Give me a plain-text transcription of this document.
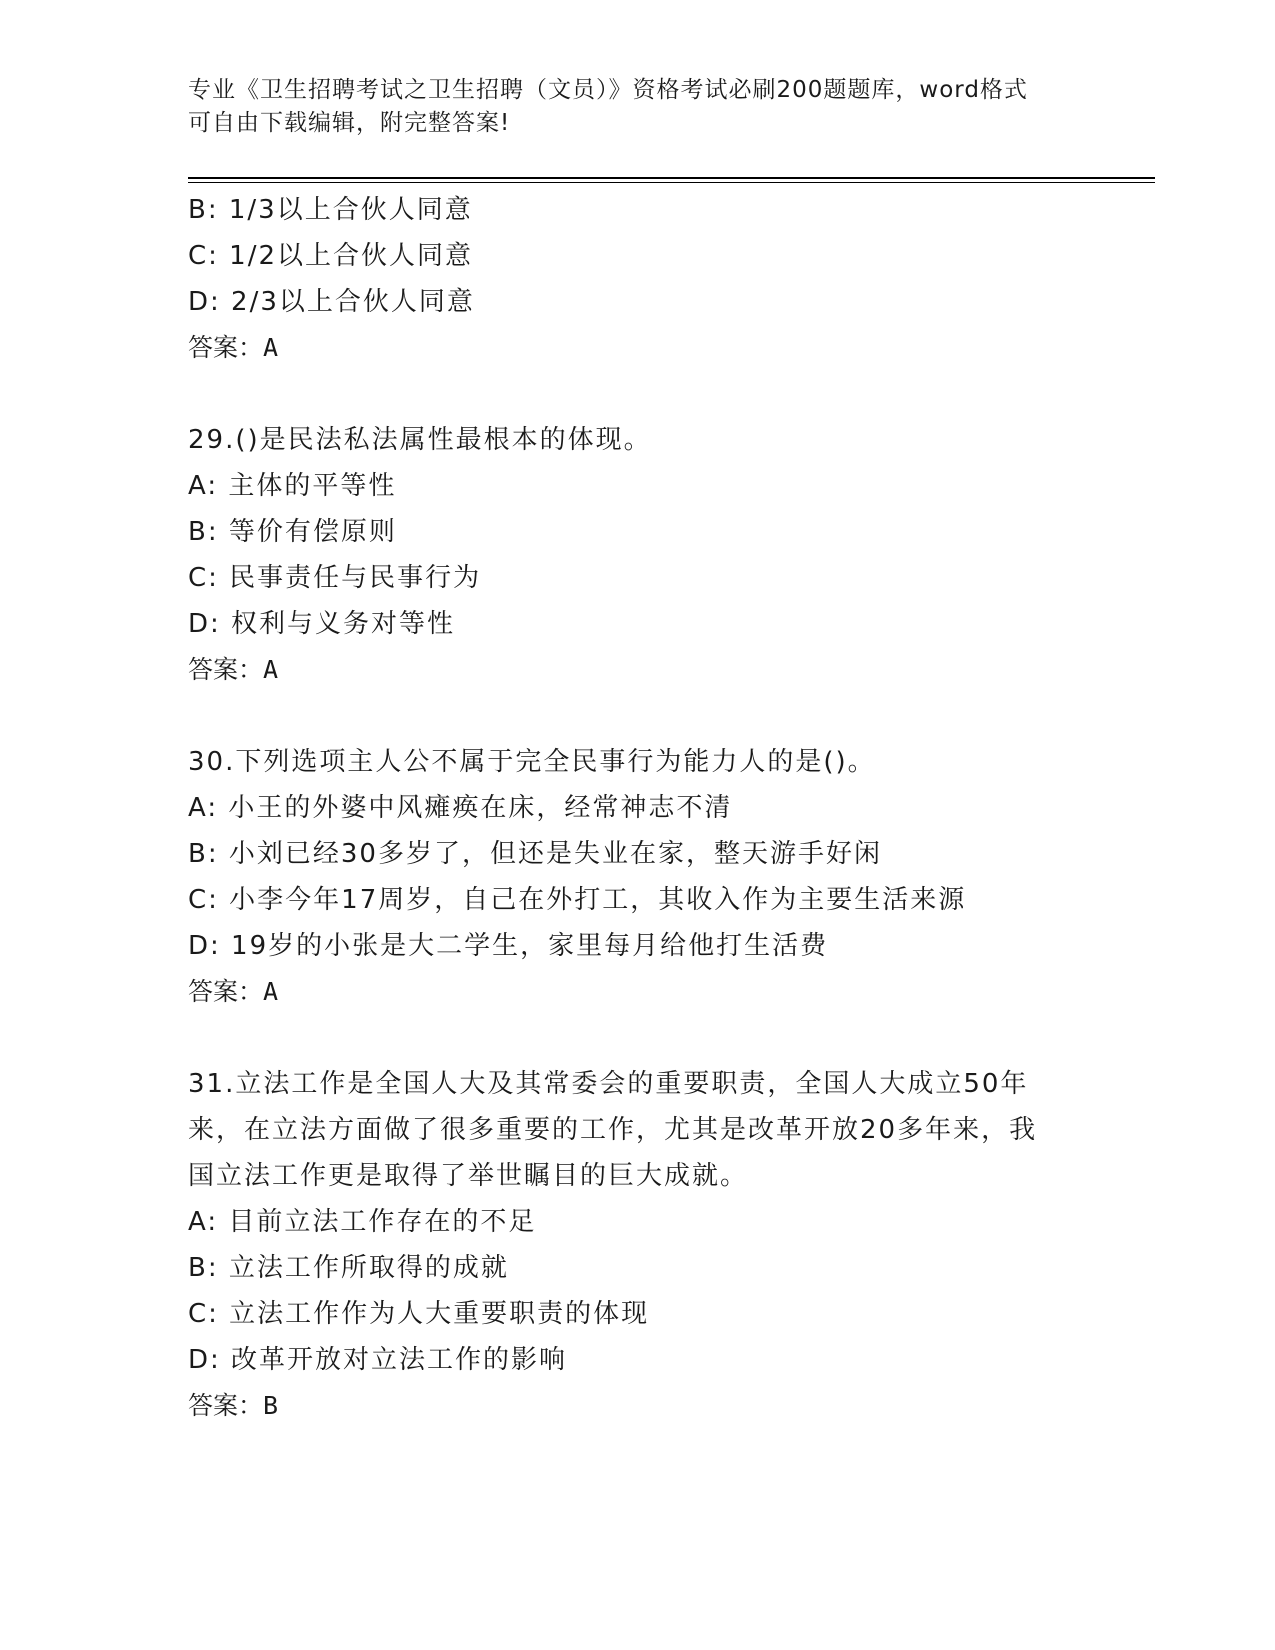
专业《卫生招聘考试之卫生招聘（文员）》资格考试必刷200题题库，word格式
可自由下载编辑，附完整答案!
B: 1/3以上合伙人同意
C: 1/2以上合伙人同意
D: 2/3以上合伙人同意
答案：A
29.()是民法私法属性最根本的体现。
A: 主体的平等性
B: 等价有偿原则
C: 民事责任与民事行为
D: 权利与义务对等性
答案：A
30.下列选项主人公不属于完全民事行为能力人的是()。
A: 小王的外婆中风瘫痪在床，经常神志不清
B: 小刘已经30多岁了，但还是失业在家，整天游手好闲
C: 小李今年17周岁，自己在外打工，其收入作为主要生活来源
D: 19岁的小张是大二学生，家里每月给他打生活费
答案：A
31.立法工作是全国人大及其常委会的重要职责，全国人大成立50年
来，在立法方面做了很多重要的工作，尤其是改革开放20多年来，我
国立法工作更是取得了举世瞩目的巨大成就。
A: 目前立法工作存在的不足
B: 立法工作所取得的成就
C: 立法工作作为人大重要职责的体现
D: 改革开放对立法工作的影响
答案：B
